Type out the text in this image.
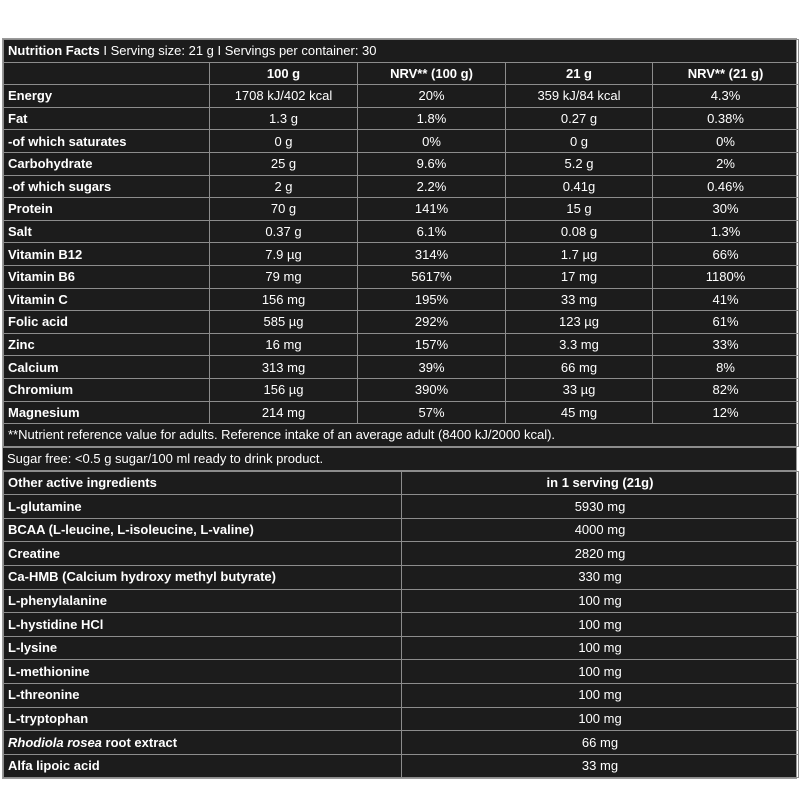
Nutrition Facts I Serving size: 21 g I Servings per container: 30				
	100 g	NRV** (100 g)	21 g	NRV** (21 g)
Energy	1708 kJ/402 kcal	20%	359 kJ/84 kcal	4.3%
Fat	1.3 g	1.8%	0.27 g	0.38%
-of which saturates	0 g	0%	0 g	0%
Carbohydrate	25 g	9.6%	5.2 g	2%
-of which sugars	2 g	2.2%	0.41g	0.46%
Protein	70 g	141%	15 g	30%
Salt	0.37 g	6.1%	0.08 g	1.3%
Vitamin B12	7.9 µg	314%	1.7 µg	66%
Vitamin B6	79 mg	5617%	17 mg	1180%
Vitamin C	156 mg	195%	33 mg	41%
Folic acid	585 µg	292%	123 µg	61%
Zinc	16 mg	157%	3.3 mg	33%
Calcium	313 mg	39%	66 mg	8%
Chromium	156 µg	390%	33 µg	82%
Magnesium	214 mg	57%	45 mg	12%
**Nutrient reference value for adults. Reference intake of an average adult (8400 kJ/2000 kcal).				
Sugar free: <0.5 g sugar/100 ml ready to drink product.
Other active ingredients	in 1 serving (21g)
L-glutamine	5930 mg
BCAA (L-leucine, L-isoleucine, L-valine)	4000 mg
Creatine	2820 mg
Ca-HMB (Calcium hydroxy methyl butyrate)	330 mg
L-phenylalanine	100 mg
L-hystidine HCl	100 mg
L-lysine	100 mg
L-methionine	100 mg
L-threonine	100 mg
L-tryptophan	100 mg
Rhodiola rosea root extract	66 mg
Alfa lipoic acid	33 mg
